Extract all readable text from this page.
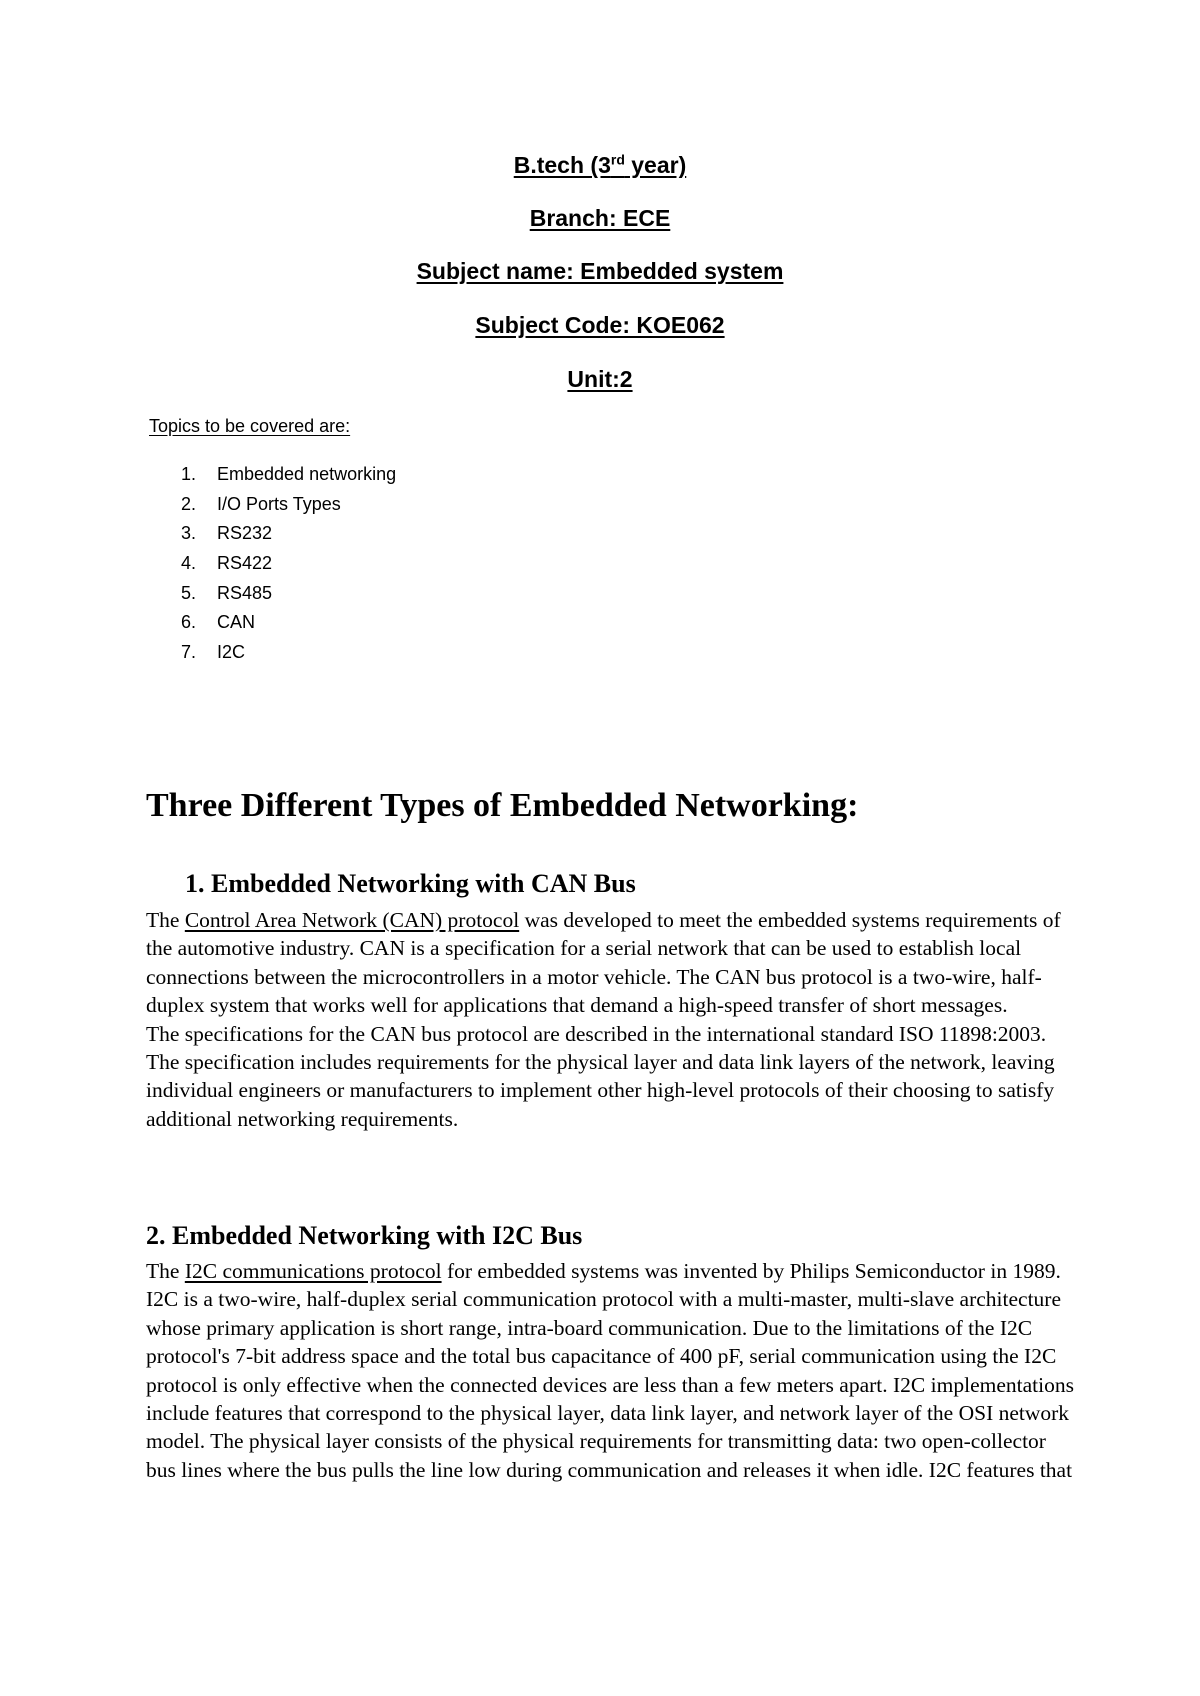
B.tech (3rd year)
Branch: ECE
Subject name: Embedded system
Subject Code: KOE062
Unit:2
Topics to be covered are:
1. Embedded networking
2. I/O Ports Types
3. RS232
4. RS422
5. RS485
6. CAN
7. I2C
Three Different Types of Embedded Networking:
1. Embedded Networking with CAN Bus
The Control Area Network (CAN) protocol was developed to meet the embedded systems requirements of the automotive industry. CAN is a specification for a serial network that can be used to establish local connections between the microcontrollers in a motor vehicle. The CAN bus protocol is a two-wire, half-duplex system that works well for applications that demand a high-speed transfer of short messages.
The specifications for the CAN bus protocol are described in the international standard ISO 11898:2003. The specification includes requirements for the physical layer and data link layers of the network, leaving individual engineers or manufacturers to implement other high-level protocols of their choosing to satisfy additional networking requirements.
2. Embedded Networking with I2C Bus
The I2C communications protocol for embedded systems was invented by Philips Semiconductor in 1989. I2C is a two-wire, half-duplex serial communication protocol with a multi-master, multi-slave architecture whose primary application is short range, intra-board communication. Due to the limitations of the I2C protocol's 7-bit address space and the total bus capacitance of 400 pF, serial communication using the I2C protocol is only effective when the connected devices are less than a few meters apart. I2C implementations include features that correspond to the physical layer, data link layer, and network layer of the OSI network model. The physical layer consists of the physical requirements for transmitting data: two open-collector bus lines where the bus pulls the line low during communication and releases it when idle. I2C features that
